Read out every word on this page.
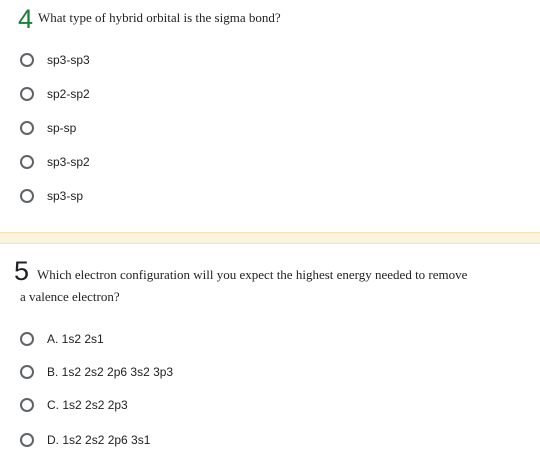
4 What type of hybrid orbital is the sigma bond?
sp3-sp3
sp2-sp2
sp-sp
sp3-sp2
sp3-sp
5 Which electron configuration will you expect the highest energy needed to remove
a valence electron?
A. 1s2 2s1
B. 1s2 2s2 2p6 3s2 3p3
C. 1s2 2s2 2p3
D. 1s2 2s2 2p6 3s1
